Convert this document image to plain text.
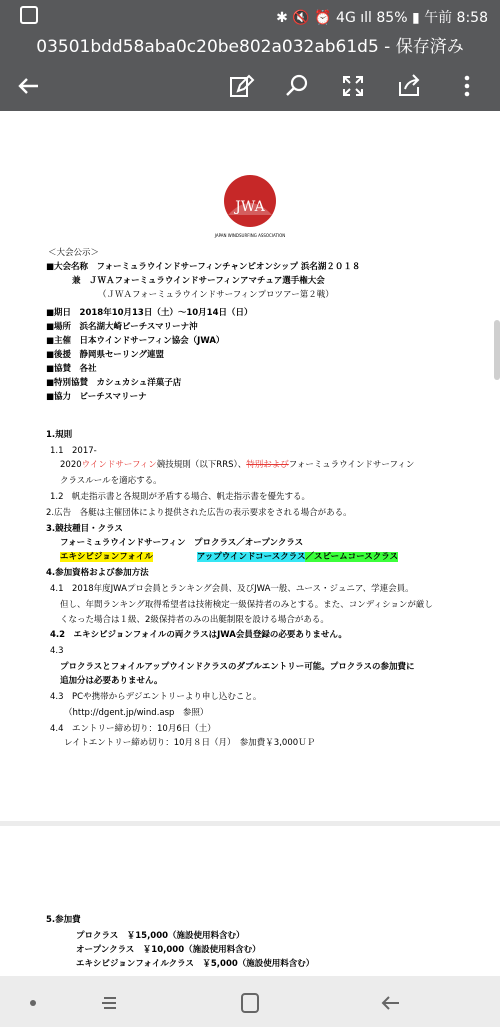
✱ 🔇 ⏰ 4G ıll 85% ▮ 午前 8:58
03501bdd58aba0c20be802a032ab61d5 - 保存済み
JWA
JAPAN WINDSURFING ASSOCIATION
＜大会公示＞
■大会名称　フォーミュラウインドサーフィンチャンピオンシップ 浜名湖２０１８
兼　ＪＷＡフォーミュラウインドサーフィンアマチュア選手権大会
（ＪＷＡフォーミュラウインドサーフィンプロツアー第２戦）
■期日　2018年10月13日（土）～10月14日（日）
■場所　浜名湖大崎ビーチスマリーナ沖
■主催　日本ウインドサーフィン協会（JWA）
■後援　静岡県セーリング連盟
■協賛　各社
■特別協賛　カシュカシュ洋菓子店
■協力　ビーチスマリーナ
1.規則
1.1　2017-
2020ウインドサーフィン競技規則（以下RRS）、特別およびフォーミュラウインドサーフィン
クラスルールを適応する。
1.2　帆走指示書と各規則が矛盾する場合、帆走指示書を優先する。
2.広告　各艇は主催団体により提供された広告の表示要求をされる場合がある。
3.競技種目・クラス
フォーミュラウインドサーフィン　プロクラス／オープンクラス
エキシビジョンフォイル	アップウインドコースクラス／スピームコースクラス
4.参加資格および参加方法
4.1　2018年度JWAプロ会員とランキング会員、及びJWA一般、ユース・ジュニア、学連会員。
但し、年間ランキング取得希望者は技術検定一級保持者のみとする。また、コンディションが厳し
くなった場合は１級、2級保持者のみの出艇制限を設ける場合がある。
4.2　エキシビジョンフォイルの両クラスはJWA会員登録の必要ありません。
4.3
プロクラスとフォイルアップウインドクラスのダブルエントリー可能。プロクラスの参加費に
追加分は必要ありません。
4.3　PCや携帯からデジエントリーより申し込むこと。
（http://dgent.jp/wind.asp　参照）
4.4　エントリー締め切り：10月6日（土）
レイトエントリー締め切り：10月８日（月）　参加費￥3,000ＵＰ
5.参加費
プロクラス　￥15,000（施設使用料含む）
オープンクラス　￥10,000（施設使用料含む）
エキシビジョンフォイルクラス　￥5,000（施設使用料含む）
